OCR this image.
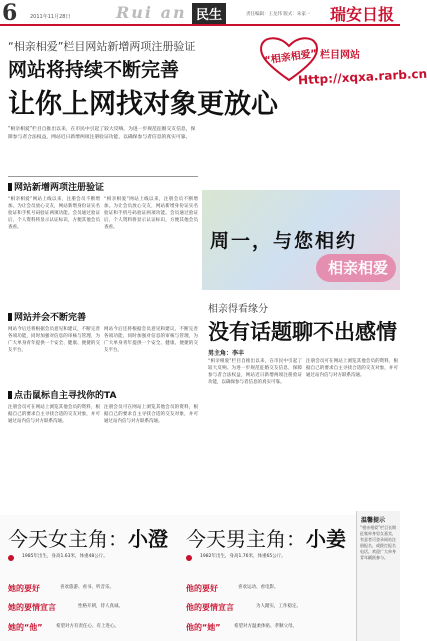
6	2011年11月28日	Rui an 民生	责任编辑：王龙伟 版式：朱家一 瑞安日报
“相亲相爱”栏目网站新增两项注册验证
网站将持续不断完善
让你上网找对象更放心
“相亲相爱” 栏目网站
Http://xqxa.rarb.cn
“相亲相爱”栏目自推出以来，在市民中引起了较大反响。为进一步规范征婚交友信息，保障参与者合法权益，网站近日新增两项注册验证功能，以确保参与者信息的真实可靠。
网站新增两项注册验证
“相亲相爱”网站上线以来，注册会员不断增加。为让会员放心交友，网站新增身份证实名验证和手机号码验证两项功能。会员通过验证后，个人资料将显示认证标识，方便其他会员查看。
“相亲相爱”网站上线以来，注册会员不断增加。为让会员放心交友，网站新增身份证实名验证和手机号码验证两项功能。会员通过验证后，个人资料将显示认证标识，方便其他会员查看。
网站并会不断完善
网站今后还将根据会员意见和建议，不断完善各项功能，同时加强对信息的审核与管理，为广大单身青年提供一个安全、健康、便捷的交友平台。
网站今后还将根据会员意见和建议，不断完善各项功能，同时加强对信息的审核与管理，为广大单身青年提供一个安全、健康、便捷的交友平台。
点击鼠标自主寻找你的TA
注册会员可在网站上浏览其他会员的资料，根据自己的要求自主寻找合适的交友对象，并可通过站内信与对方联系沟通。
注册会员可在网站上浏览其他会员的资料，根据自己的要求自主寻找合适的交友对象，并可通过站内信与对方联系沟通。
周一，与您相约
相亲相爱
相亲得看缘分
没有话题聊不出感情
男主角：李丰
“相亲相爱”栏目自推出以来，在市民中引起了较大反响。为进一步规范征婚交友信息，保障参与者合法权益，网站近日新增两项注册验证功能，以确保参与者信息的真实可靠。
注册会员可在网站上浏览其他会员的资料，根据自己的要求自主寻找合适的交友对象，并可通过站内信与对方联系沟通。
今天女主角：小澄
1985年出生，身高1.63米，体重48公斤。
她的要好	喜欢旅游、看书、听音乐。
她的要情宣言	性格开朗，待人真诚。
她的“他”	希望对方有责任心、有上进心。
今天男主角：小姜
1982年出生，身高1.76米，体重65公斤。
他的要好	喜欢运动、看电影。
他的要情宣言	为人踏实，工作稳定。
他的“她”	希望对方温柔体贴、孝顺父母。
温馨提示
“相亲相爱”栏目长期征集单身男女嘉宾，有意者可登录网站注册报名，或拨打报名电话。欢迎广大单身青年踊跃参与。
